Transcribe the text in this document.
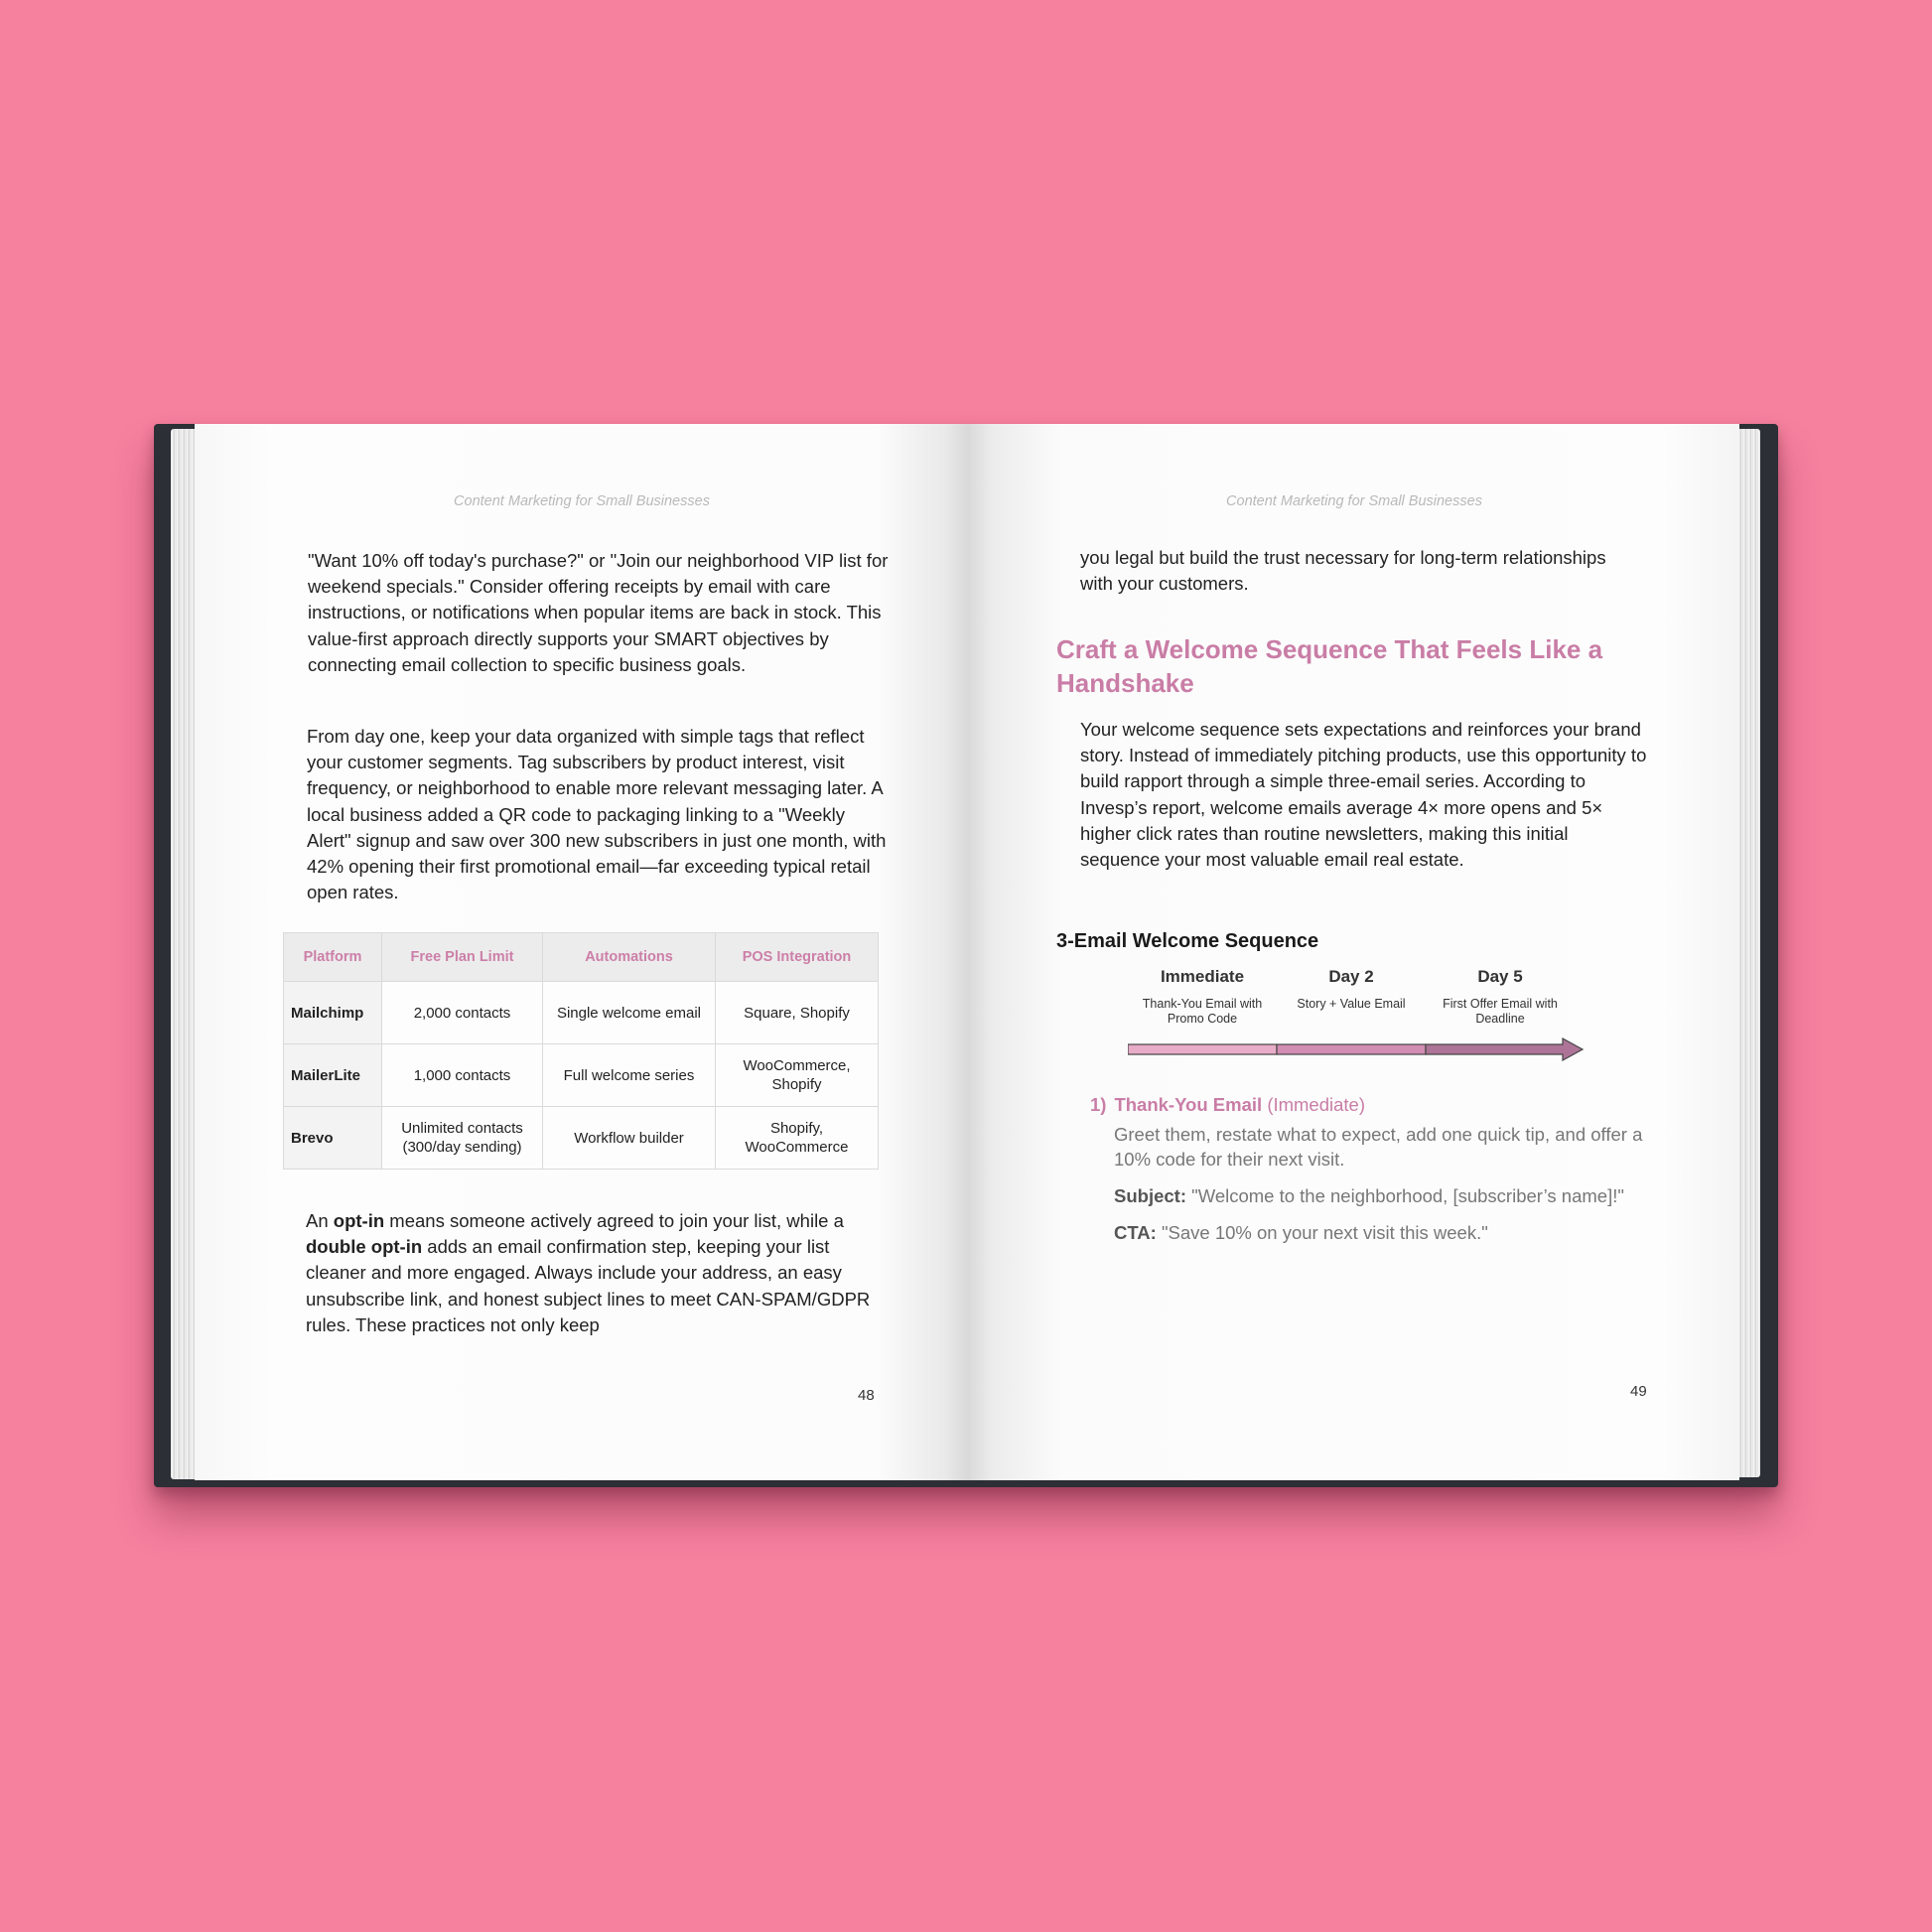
Content Marketing for Small Businesses

"Want 10% off today's purchase?" or "Join our neighborhood VIP list for weekend specials." Consider offering receipts by email with care instructions, or notifications when popular items are back in stock. This value-first approach directly supports your SMART objectives by connecting email collection to specific business goals.

From day one, keep your data organized with simple tags that reflect your customer segments. Tag subscribers by product interest, visit frequency, or neighborhood to enable more relevant messaging later. A local business added a QR code to packaging linking to a "Weekly Alert" signup and saw over 300 new subscribers in just one month, with 42% opening their first promotional email—far exceeding typical retail open rates.

Platform	Free Plan Limit	Automations	POS Integration
Mailchimp	2,000 contacts	Single welcome email	Square, Shopify
MailerLite	1,000 contacts	Full welcome series	WooCommerce, Shopify
Brevo	Unlimited contacts (300/day sending)	Workflow builder	Shopify, WooCommerce

An opt-in means someone actively agreed to join your list, while a double opt-in adds an email confirmation step, keeping your list cleaner and more engaged. Always include your address, an easy unsubscribe link, and honest subject lines to meet CAN-SPAM/GDPR rules. These practices not only keep

48
Content Marketing for Small Businesses

you legal but build the trust necessary for long-term relationships with your customers.

Craft a Welcome Sequence That Feels Like a Handshake

Your welcome sequence sets expectations and reinforces your brand story. Instead of immediately pitching products, use this opportunity to build rapport through a simple three-email series. According to Invesp’s report, welcome emails average 4× more opens and 5× higher click rates than routine newsletters, making this initial sequence your most valuable email real estate.

3-Email Welcome Sequence
Immediate
Thank-You Email with Promo Code
Day 2
Story + Value Email
Day 5
First Offer Email with Deadline

1) Thank-You Email (Immediate)

Greet them, restate what to expect, add one quick tip, and offer a 10% code for their next visit.

Subject: "Welcome to the neighborhood, [subscriber’s name]!"

CTA: "Save 10% on your next visit this week."

49
